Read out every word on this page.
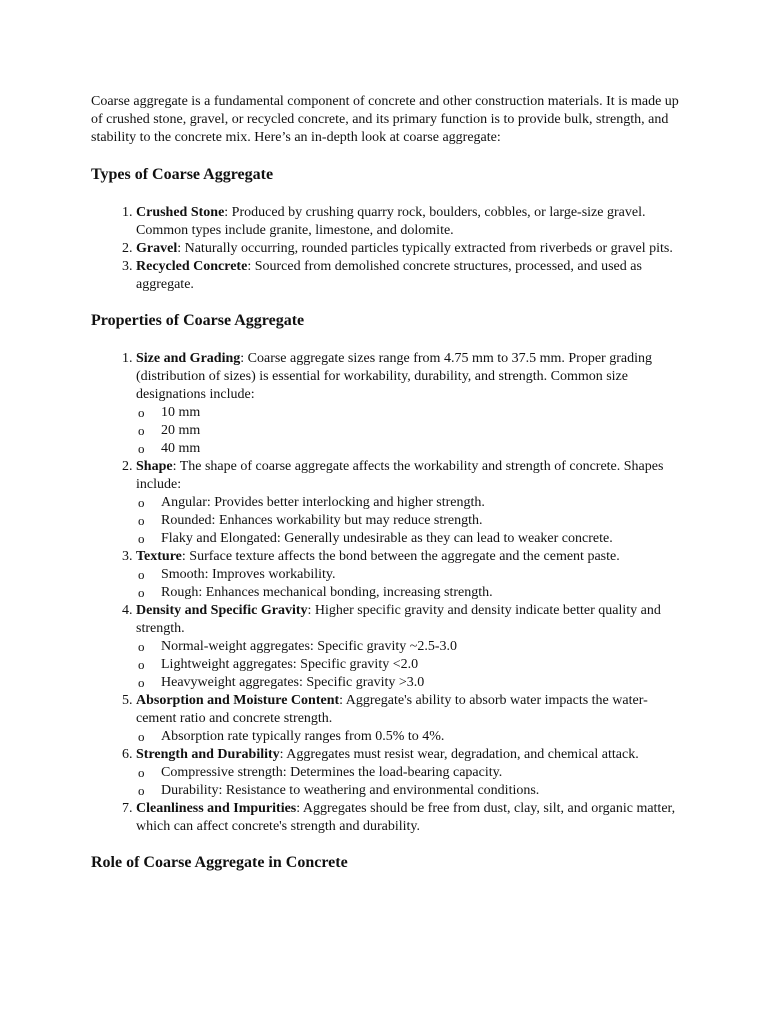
Coarse aggregate is a fundamental component of concrete and other construction materials. It is made up of crushed stone, gravel, or recycled concrete, and its primary function is to provide bulk, strength, and stability to the concrete mix. Here’s an in-depth look at coarse aggregate:

Types of Coarse Aggregate
1. Crushed Stone: Produced by crushing quarry rock, boulders, cobbles, or large-size gravel. Common types include granite, limestone, and dolomite.
2. Gravel: Naturally occurring, rounded particles typically extracted from riverbeds or gravel pits.
3. Recycled Concrete: Sourced from demolished concrete structures, processed, and used as aggregate.
Properties of Coarse Aggregate
1. Size and Grading: Coarse aggregate sizes range from 4.75 mm to 37.5 mm. Proper grading (distribution of sizes) is essential for workability, durability, and strength. Common size designations include:
o 10 mm
o 20 mm
o 40 mm
2. Shape: The shape of coarse aggregate affects the workability and strength of concrete. Shapes include:
o Angular: Provides better interlocking and higher strength.
o Rounded: Enhances workability but may reduce strength.
o Flaky and Elongated: Generally undesirable as they can lead to weaker concrete.
3. Texture: Surface texture affects the bond between the aggregate and the cement paste.
o Smooth: Improves workability.
o Rough: Enhances mechanical bonding, increasing strength.
4. Density and Specific Gravity: Higher specific gravity and density indicate better quality and strength.
o Normal-weight aggregates: Specific gravity ~2.5-3.0
o Lightweight aggregates: Specific gravity <2.0
o Heavyweight aggregates: Specific gravity >3.0
5. Absorption and Moisture Content: Aggregate's ability to absorb water impacts the water-cement ratio and concrete strength.
o Absorption rate typically ranges from 0.5% to 4%.
6. Strength and Durability: Aggregates must resist wear, degradation, and chemical attack.
o Compressive strength: Determines the load-bearing capacity.
o Durability: Resistance to weathering and environmental conditions.
7. Cleanliness and Impurities: Aggregates should be free from dust, clay, silt, and organic matter, which can affect concrete's strength and durability.
Role of Coarse Aggregate in Concrete
